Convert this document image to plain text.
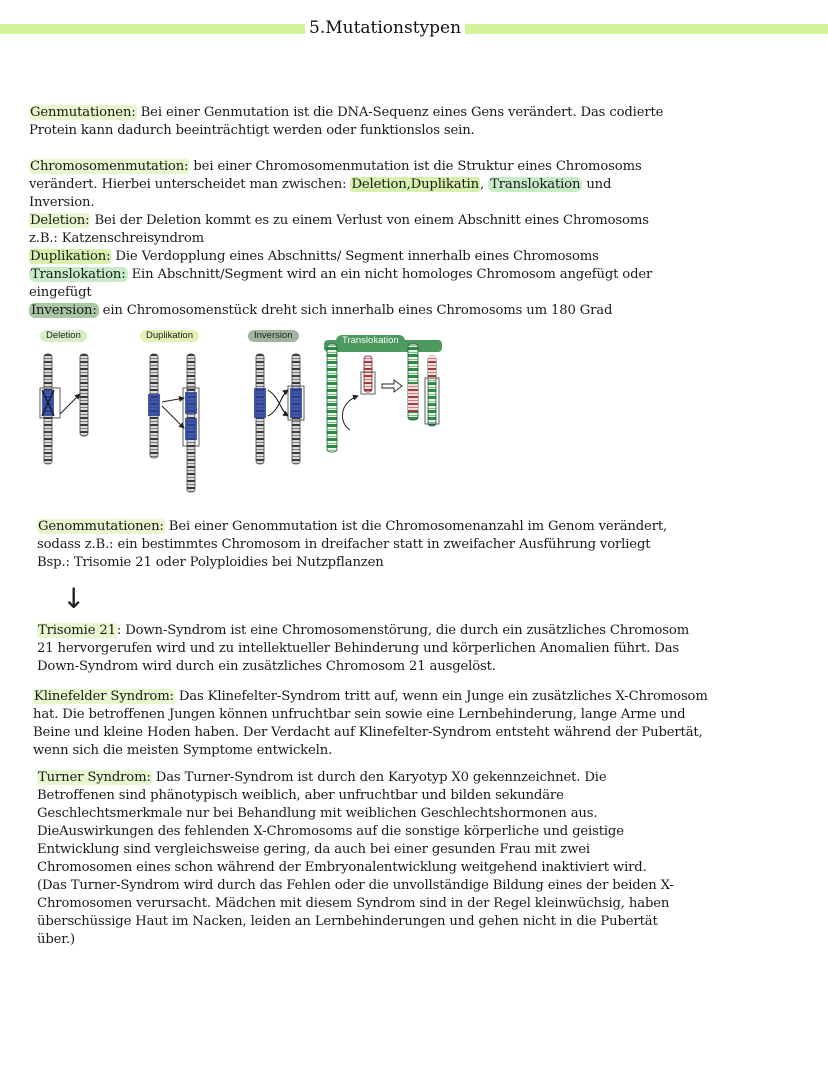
5.Mutationstypen

Genmutationen: Bei einer Genmutation ist die DNA-Sequenz eines Gens verändert. Das codierte

Protein kann dadurch beeinträchtigt werden oder funktionslos sein.

Chromosomenmutation: bei einer Chromosomenmutation ist die Struktur eines Chromosoms

verändert. Hierbei unterscheidet man zwischen: Deletion,Duplikatin, Translokation und

Inversion.

Deletion: Bei der Deletion kommt es zu einem Verlust von einem Abschnitt eines Chromosoms

z.B.: Katzenschreisyndrom

Duplikation: Die Verdopplung eines Abschnitts/ Segment innerhalb eines Chromosoms

Translokation: Ein Abschnitt/Segment wird an ein nicht homologes Chromosom angefügt oder

eingefügt

Inversion: ein Chromosomenstück dreht sich innerhalb eines Chromosoms um 180 Grad

Deletion	Duplikation	Inversion	Translokation

Genommutationen: Bei einer Genommutation ist die Chromosomenanzahl im Genom verändert,

sodass z.B.: ein bestimmtes Chromosom in dreifacher statt in zweifacher Ausführung vorliegt

Bsp.: Trisomie 21 oder Polyploidies bei Nutzpflanzen

↓

Trisomie 21: Down-Syndrom ist eine Chromosomenstörung, die durch ein zusätzliches Chromosom

21 hervorgerufen wird und zu intellektueller Behinderung und körperlichen Anomalien führt. Das

Down-Syndrom wird durch ein zusätzliches Chromosom 21 ausgelöst.

Klinefelder Syndrom: Das Klinefelter-Syndrom tritt auf, wenn ein Junge ein zusätzliches X-Chromosom

hat. Die betroffenen Jungen können unfruchtbar sein sowie eine Lernbehinderung, lange Arme und

Beine und kleine Hoden haben. Der Verdacht auf Klinefelter-Syndrom entsteht während der Pubertät,

wenn sich die meisten Symptome entwickeln.

Turner Syndrom: Das Turner-Syndrom ist durch den Karyotyp X0 gekennzeichnet. Die

Betroffenen sind phänotypisch weiblich, aber unfruchtbar und bilden sekundäre

Geschlechtsmerkmale nur bei Behandlung mit weiblichen Geschlechtshormonen aus.

DieAuswirkungen des fehlenden X-Chromosoms auf die sonstige körperliche und geistige

Entwicklung sind vergleichsweise gering, da auch bei einer gesunden Frau mit zwei

Chromosomen eines schon während der Embryonalentwicklung weitgehend inaktiviert wird.

(Das Turner-Syndrom wird durch das Fehlen oder die unvollständige Bildung eines der beiden X-

Chromosomen verursacht. Mädchen mit diesem Syndrom sind in der Regel kleinwüchsig, haben

überschüssige Haut im Nacken, leiden an Lernbehinderungen und gehen nicht in die Pubertät

über.)
